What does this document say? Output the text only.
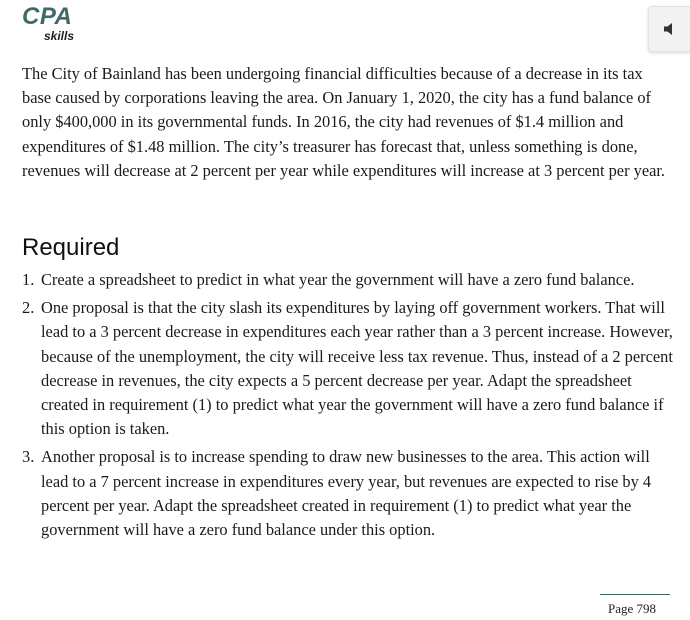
CPA
skills

The City of Bainland has been undergoing financial difficulties because of a decrease in its tax base caused by corporations leaving the area. On January 1, 2020, the city has a fund balance of only $400,000 in its governmental funds. In 2016, the city had revenues of $1.4 million and expenditures of $1.48 million. The city’s treasurer has forecast that, unless something is done, revenues will decrease at 2 percent per year while expenditures will increase at 3 percent per year.

Required
1. Create a spreadsheet to predict in what year the government will have a zero fund balance.
2. One proposal is that the city slash its expenditures by laying off government workers. That will lead to a 3 percent decrease in expenditures each year rather than a 3 percent increase. However, because of the unemployment, the city will receive less tax revenue. Thus, instead of a 2 percent decrease in revenues, the city expects a 5 percent decrease per year. Adapt the spreadsheet created in requirement (1) to predict what year the government will have a zero fund balance if this option is taken.
3. Another proposal is to increase spending to draw new businesses to the area. This action will lead to a 7 percent increase in expenditures every year, but revenues are expected to rise by 4 percent per year. Adapt the spreadsheet created in requirement (1) to predict what year the government will have a zero fund balance under this option.
Page 798
